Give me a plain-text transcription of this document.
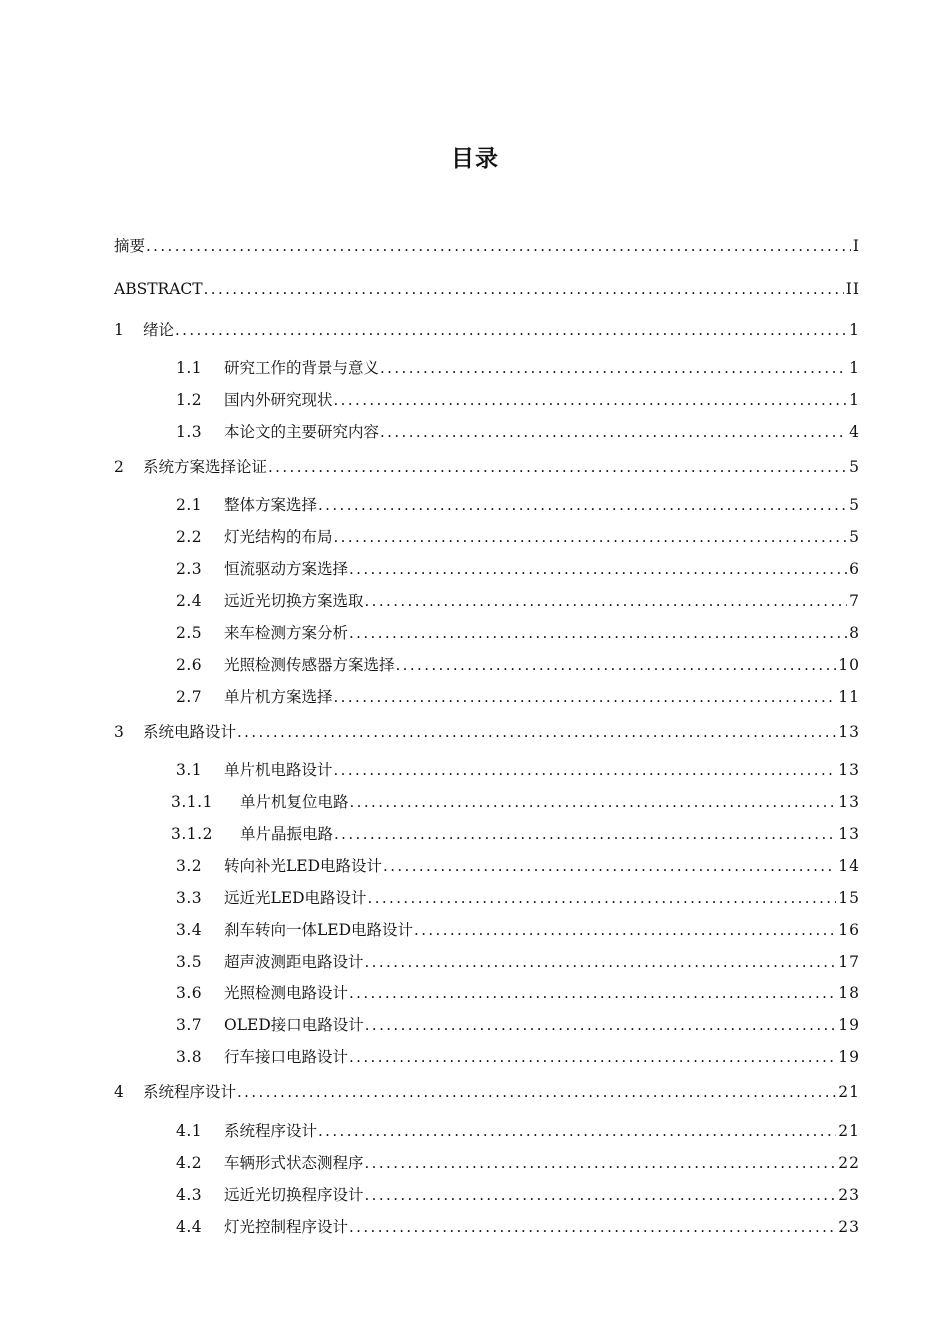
目录
摘要 .....	I
ABSTRACT .....	II
1	绪论 .....	1
1.1	研究工作的背景与意义 .....	1
1.2	国内外研究现状 .....	1
1.3	本论文的主要研究内容 .....	4
2	系统方案选择论证 .....	5
2.1	整体方案选择 .....	5
2.2	灯光结构的布局 .....	5
2.3	恒流驱动方案选择 .....	6
2.4	远近光切换方案选取 .....	7
2.5	来车检测方案分析 .....	8
2.6	光照检测传感器方案选择 .....	10
2.7	单片机方案选择 .....	11
3	系统电路设计 .....	13
3.1	单片机电路设计 .....	13
3.1.1	单片机复位电路 .....	13
3.1.2	单片晶振电路 .....	13
3.2	转向补光LED电路设计 .....	14
3.3	远近光LED电路设计 .....	15
3.4	刹车转向一体LED电路设计 .....	16
3.5	超声波测距电路设计 .....	17
3.6	光照检测电路设计 .....	18
3.7	OLED接口电路设计 .....	19
3.8	行车接口电路设计 .....	19
4	系统程序设计 .....	21
4.1	系统程序设计 .....	21
4.2	车辆形式状态测程序 .....	22
4.3	远近光切换程序设计 .....	23
4.4	灯光控制程序设计 .....	23
